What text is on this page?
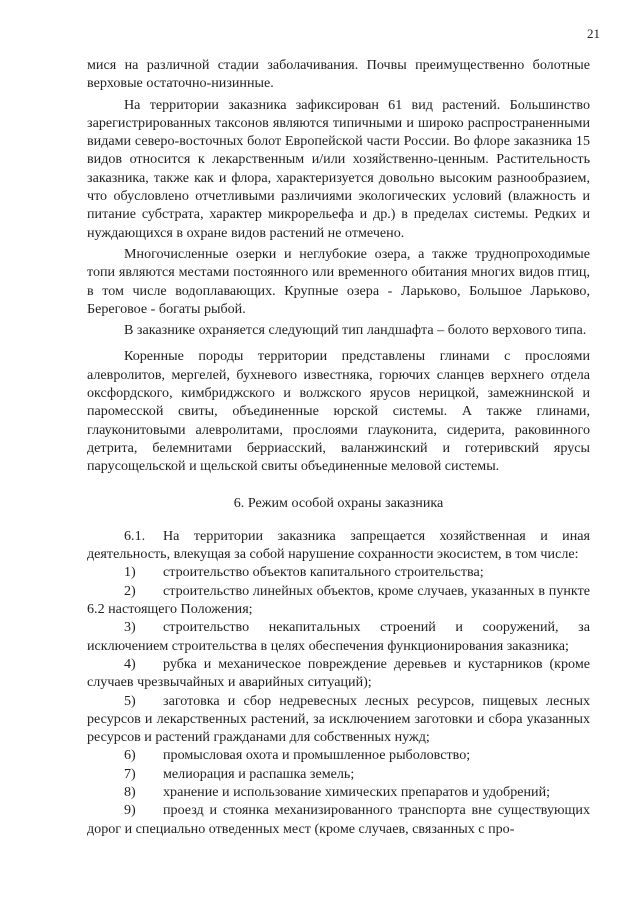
21

мися на различной стадии заболачивания. Почвы преимущественно болотные верховые остаточно-низинные.

На территории заказника зафиксирован 61 вид растений. Большинство зарегистрированных таксонов являются типичными и широко распространенными видами северо-восточных болот Европейской части России. Во флоре заказника 15 видов относится к лекарственным и/или хозяйственно-ценным. Растительность заказника, также как и флора, характеризуется довольно высоким разнообразием, что обусловлено отчетливыми различиями экологических условий (влажность и питание субстрата, характер микрорельефа и др.) в пределах системы. Редких и нуждающихся в охране видов растений не отмечено.

Многочисленные озерки и неглубокие озера, а также труднопроходимые топи являются местами постоянного или временного обитания многих видов птиц, в том числе водоплавающих. Крупные озера - Ларьково, Большое Ларьково, Береговое - богаты рыбой.

В заказнике охраняется следующий тип ландшафта – болото верхового типа.

Коренные породы территории представлены глинами с прослоями алевролитов, мергелей, бухневого известняка, горючих сланцев верхнего отдела оксфордского, кимбриджского и волжского ярусов нерицкой, замежнинской и паромесской свиты, объединенные юрской системы. А также глинами, глауконитовыми алевролитами, прослоями глауконита, сидерита, раковинного детрита, белемнитами берриасский, валанжинский и готеривский ярусы парусощельской и щельской свиты объединенные меловой системы.

6. Режим особой охраны заказника

6.1. На территории заказника запрещается хозяйственная и иная деятельность, влекущая за собой нарушение сохранности экосистем, в том числе:

1) строительство объектов капитального строительства;

2) строительство линейных объектов, кроме случаев, указанных в пункте 6.2 настоящего Положения;

3) строительство некапитальных строений и сооружений, за исключением строительства в целях обеспечения функционирования заказника;

4) рубка и механическое повреждение деревьев и кустарников (кроме случаев чрезвычайных и аварийных ситуаций);

5) заготовка и сбор недревесных лесных ресурсов, пищевых лесных ресурсов и лекарственных растений, за исключением заготовки и сбора указанных ресурсов и растений гражданами для собственных нужд;

6) промысловая охота и промышленное рыболовство;

7) мелиорация и распашка земель;

8) хранение и использование химических препаратов и удобрений;

9) проезд и стоянка механизированного транспорта вне существующих дорог и специально отведенных мест (кроме случаев, связанных с про-
